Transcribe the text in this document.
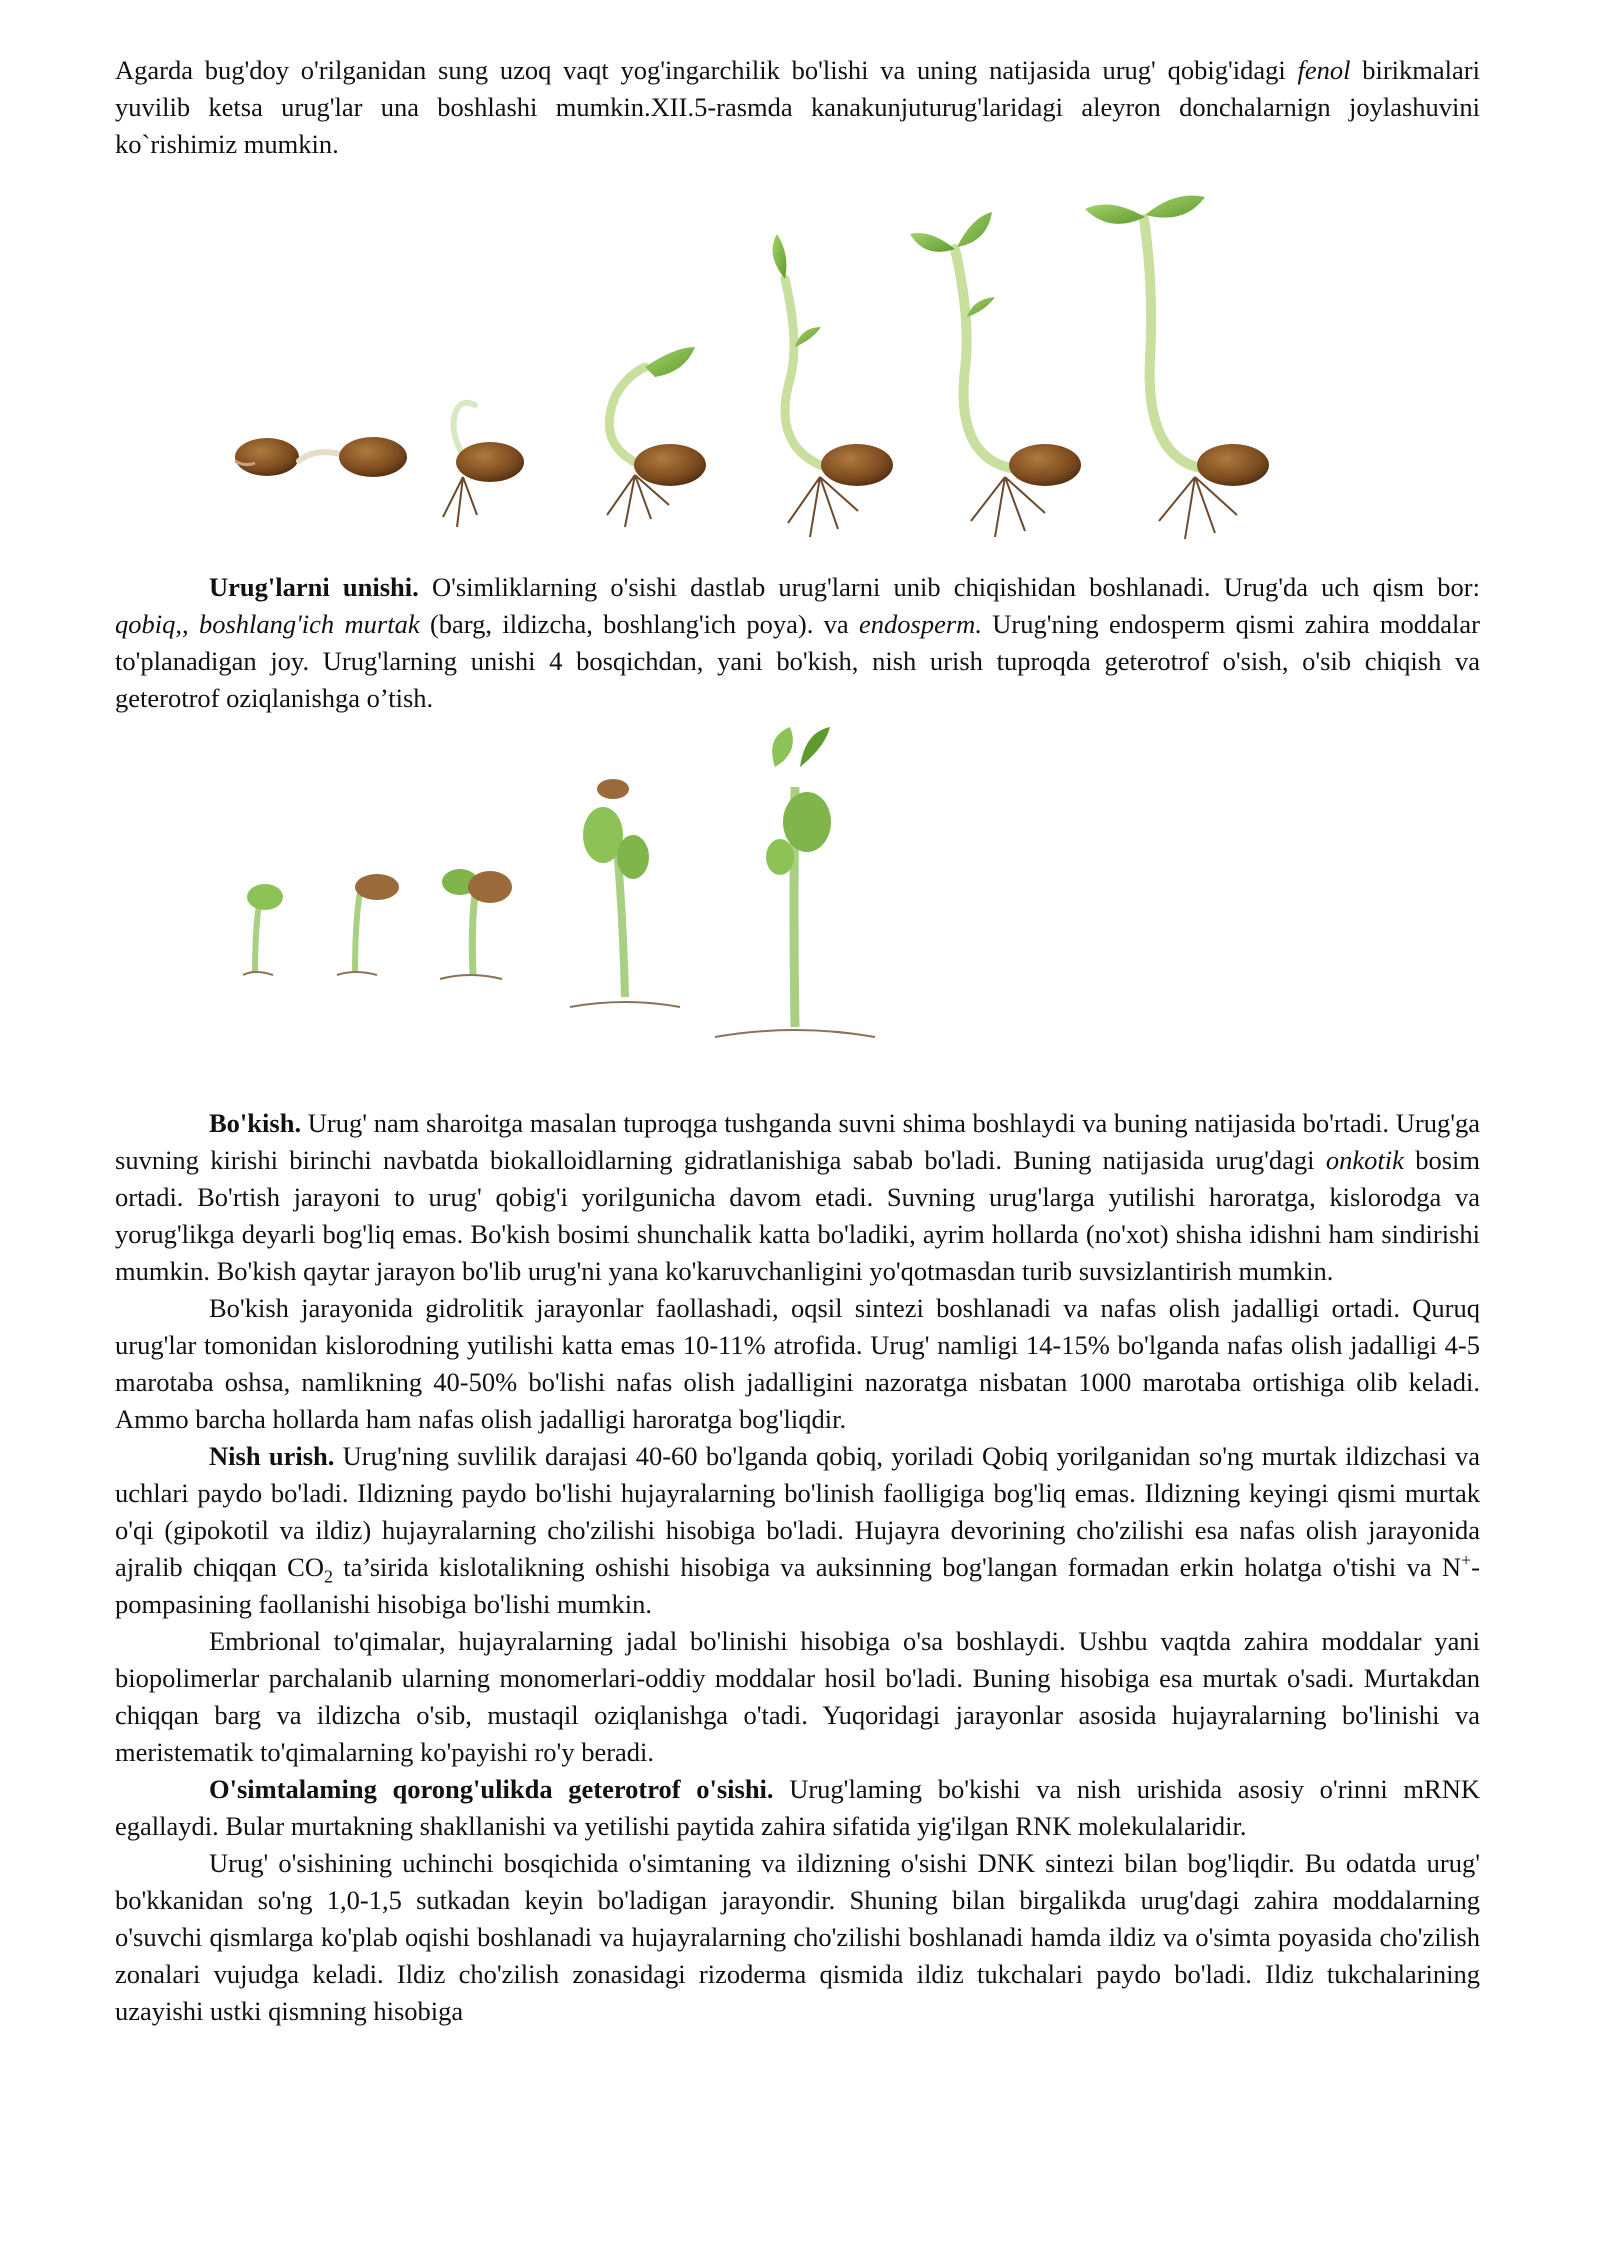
Agarda bug'doy o'rilganidan sung uzoq vaqt yog'ingarchilik bo'lishi va uning natijasida urug' qobig'idagi fenol birikmalari yuvilib ketsa urug'lar una boshlashi mumkin.XII.5-rasmda kanakunjuturug'laridagi aleyron donchalarnign joylashuvini ko`rishimiz mumkin.

Urug'larni unishi. O'simliklarning o'sishi dastlab urug'larni unib chiqishidan boshlanadi. Urug'da uch qism bor: qobiq,, boshlang'ich murtak (barg, ildizcha, boshlang'ich poya). va endosperm. Urug'ning endosperm qismi zahira moddalar to'planadigan joy. Urug'larning unishi 4 bosqichdan, yani bo'kish, nish urish tuproqda geterotrof o'sish, o'sib chiqish va geterotrof oziqlanishga o’tish.

Bo'kish. Urug' nam sharoitga masalan tuproqga tushganda suvni shima boshlaydi va buning natijasida bo'rtadi. Urug'ga suvning kirishi birinchi navbatda biokalloidlarning gidratlanishiga sabab bo'ladi. Buning natijasida urug'dagi onkotik bosim ortadi. Bo'rtish jarayoni to urug' qobig'i yorilgunicha davom etadi. Suvning urug'larga yutilishi haroratga, kislorodga va yorug'likga deyarli bog'liq emas. Bo'kish bosimi shunchalik katta bo'ladiki, ayrim hollarda (no'xot) shisha idishni ham sindirishi mumkin. Bo'kish qaytar jarayon bo'lib urug'ni yana ko'karuvchanligini yo'qotmasdan turib suvsizlantirish mumkin.

Bo'kish jarayonida gidrolitik jarayonlar faollashadi, oqsil sintezi boshlanadi va nafas olish jadalligi ortadi. Quruq urug'lar tomonidan kislorodning yutilishi katta emas 10-11% atrofida. Urug' namligi 14-15% bo'lganda nafas olish jadalligi 4-5 marotaba oshsa, namlikning 40-50% bo'lishi nafas olish jadalligini nazoratga nisbatan 1000 marotaba ortishiga olib keladi. Ammo barcha hollarda ham nafas olish jadalligi haroratga bog'liqdir.

Nish urish. Urug'ning suvlilik darajasi 40-60 bo'lganda qobiq, yoriladi Qobiq yorilganidan so'ng murtak ildizchasi va uchlari paydo bo'ladi. Ildizning paydo bo'lishi hujayralarning bo'linish faolligiga bog'liq emas. Ildizning keyingi qismi murtak o'qi (gipokotil va ildiz) hujayralarning cho'zilishi hisobiga bo'ladi. Hujayra devorining cho'zilishi esa nafas olish jarayonida ajralib chiqqan $CO_2$ ta’sirida kislotalikning oshishi hisobiga va auksinning bog'langan formadan erkin holatga o'tishi va N+-pompasining faollanishi hisobiga bo'lishi mumkin.

Embrional to'qimalar, hujayralarning jadal bo'linishi hisobiga o'sa boshlaydi. Ushbu vaqtda zahira moddalar yani biopolimerlar parchalanib ularning monomerlari-oddiy moddalar hosil bo'ladi. Buning hisobiga esa murtak o'sadi. Murtakdan chiqqan barg va ildizcha o'sib, mustaqil oziqlanishga o'tadi. Yuqoridagi jarayonlar asosida hujayralarning bo'linishi va meristematik to'qimalarning ko'payishi ro'y beradi.

O'simtalaming qorong'ulikda geterotrof o'sishi. Urug'laming bo'kishi va nish urishida asosiy o'rinni mRNK egallaydi. Bular murtakning shakllanishi va yetilishi paytida zahira sifatida yig'ilgan RNK molekulalaridir.

Urug' o'sishining uchinchi bosqichida o'simtaning va ildizning o'sishi DNK sintezi bilan bog'liqdir. Bu odatda urug' bo'kkanidan so'ng 1,0-1,5 sutkadan keyin bo'ladigan jarayondir. Shuning bilan birgalikda urug'dagi zahira moddalarning o'suvchi qismlarga ko'plab oqishi boshlanadi va hujayralarning cho'zilishi boshlanadi hamda ildiz va o'simta poyasida cho'zilish zonalari vujudga keladi. Ildiz cho'zilish zonasidagi rizoderma qismida ildiz tukchalari paydo bo'ladi. Ildiz tukchalarining uzayishi ustki qismning hisobiga
